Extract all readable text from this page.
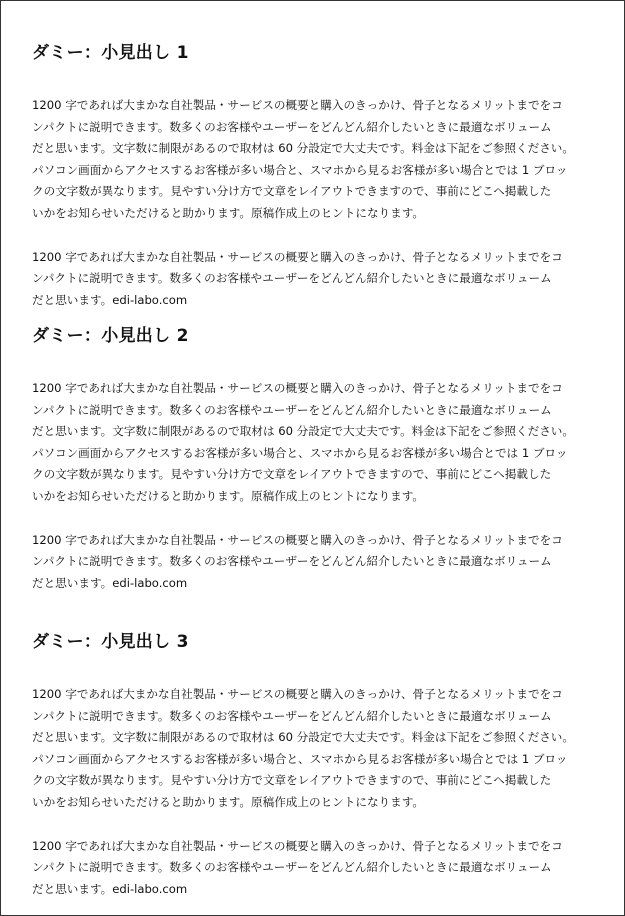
ダミー：小見出し 1
1200 字であれば大まかな自社製品・サービスの概要と購入のきっかけ、骨子となるメリットまでをコ
ンパクトに説明できます。数多くのお客様やユーザーをどんどん紹介したいときに最適なボリューム
だと思います。文字数に制限があるので取材は 60 分設定で大丈夫です。料金は下記をご参照ください。
パソコン画面からアクセスするお客様が多い場合と、スマホから見るお客様が多い場合とでは 1 ブロッ
クの文字数が異なります。見やすい分け方で文章をレイアウトできますので、事前にどこへ掲載した
いかをお知らせいただけると助かります。原稿作成上のヒントになります。
1200 字であれば大まかな自社製品・サービスの概要と購入のきっかけ、骨子となるメリットまでをコ
ンパクトに説明できます。数多くのお客様やユーザーをどんどん紹介したいときに最適なボリューム
だと思います。edi-labo.com
ダミー：小見出し 2
1200 字であれば大まかな自社製品・サービスの概要と購入のきっかけ、骨子となるメリットまでをコ
ンパクトに説明できます。数多くのお客様やユーザーをどんどん紹介したいときに最適なボリューム
だと思います。文字数に制限があるので取材は 60 分設定で大丈夫です。料金は下記をご参照ください。
パソコン画面からアクセスするお客様が多い場合と、スマホから見るお客様が多い場合とでは 1 ブロッ
クの文字数が異なります。見やすい分け方で文章をレイアウトできますので、事前にどこへ掲載した
いかをお知らせいただけると助かります。原稿作成上のヒントになります。
1200 字であれば大まかな自社製品・サービスの概要と購入のきっかけ、骨子となるメリットまでをコ
ンパクトに説明できます。数多くのお客様やユーザーをどんどん紹介したいときに最適なボリューム
だと思います。edi-labo.com
ダミー：小見出し 3
1200 字であれば大まかな自社製品・サービスの概要と購入のきっかけ、骨子となるメリットまでをコ
ンパクトに説明できます。数多くのお客様やユーザーをどんどん紹介したいときに最適なボリューム
だと思います。文字数に制限があるので取材は 60 分設定で大丈夫です。料金は下記をご参照ください。
パソコン画面からアクセスするお客様が多い場合と、スマホから見るお客様が多い場合とでは 1 ブロッ
クの文字数が異なります。見やすい分け方で文章をレイアウトできますので、事前にどこへ掲載した
いかをお知らせいただけると助かります。原稿作成上のヒントになります。
1200 字であれば大まかな自社製品・サービスの概要と購入のきっかけ、骨子となるメリットまでをコ
ンパクトに説明できます。数多くのお客様やユーザーをどんどん紹介したいときに最適なボリューム
だと思います。edi-labo.com
